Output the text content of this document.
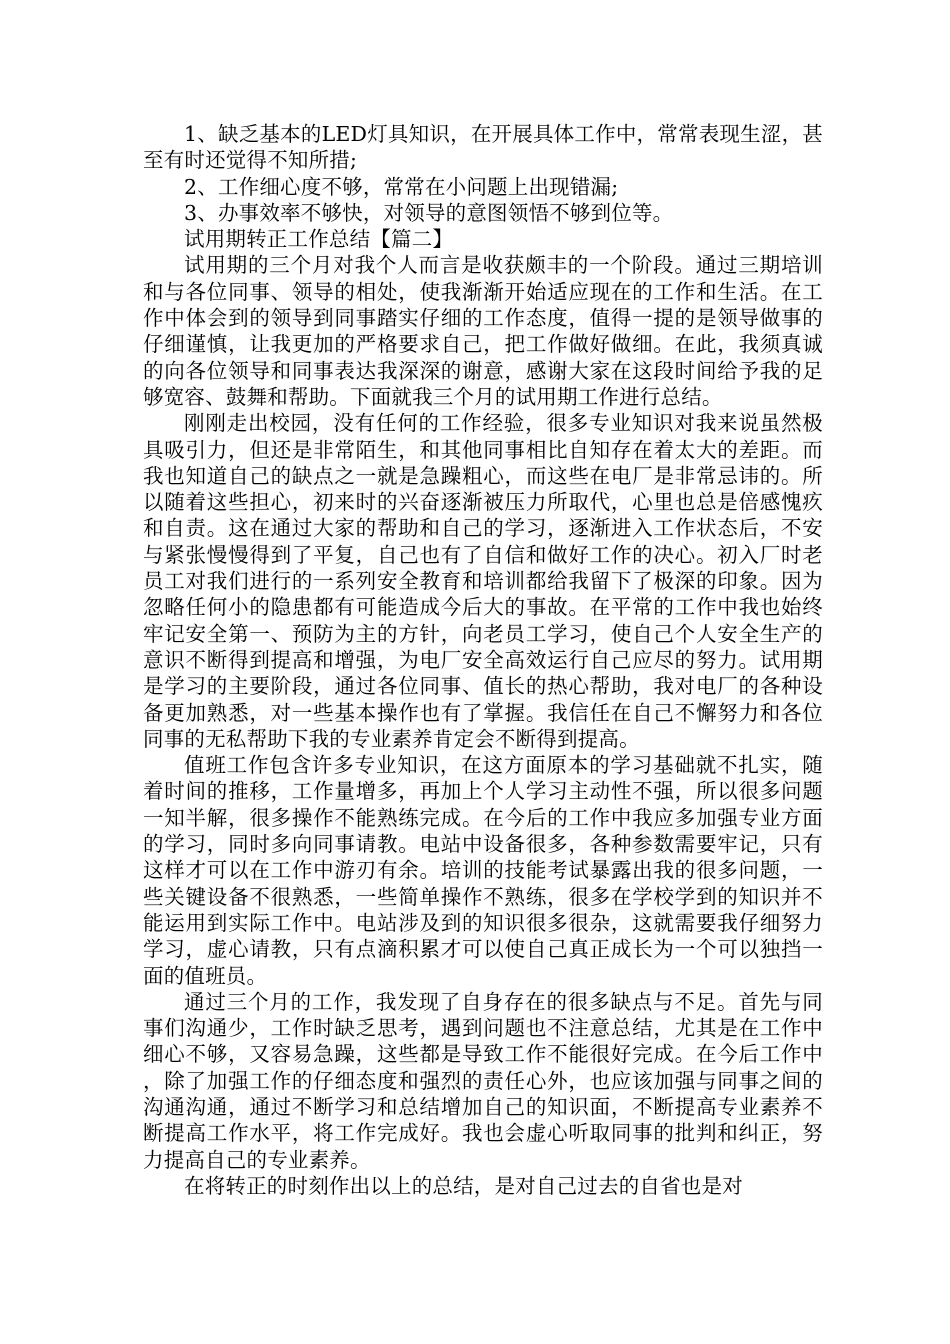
1、缺乏基本的LED灯具知识，在开展具体工作中，常常表现生涩，甚至有时还觉得不知所措;

2、工作细心度不够，常常在小问题上出现错漏;

3、办事效率不够快，对领导的意图领悟不够到位等。

试用期转正工作总结【篇二】

试用期的三个月对我个人而言是收获颇丰的一个阶段。通过三期培训和与各位同事、领导的相处，使我渐渐开始适应现在的工作和生活。在工作中体会到的领导到同事踏实仔细的工作态度，值得一提的是领导做事的仔细谨慎，让我更加的严格要求自己，把工作做好做细。在此，我须真诚的向各位领导和同事表达我深深的谢意，感谢大家在这段时间给予我的足够宽容、鼓舞和帮助。下面就我三个月的试用期工作进行总结。

刚刚走出校园，没有任何的工作经验，很多专业知识对我来说虽然极具吸引力，但还是非常陌生，和其他同事相比自知存在着太大的差距。而我也知道自己的缺点之一就是急躁粗心，而这些在电厂是非常忌讳的。所以随着这些担心，初来时的兴奋逐渐被压力所取代，心里也总是倍感愧疚和自责。这在通过大家的帮助和自己的学习，逐渐进入工作状态后，不安与紧张慢慢得到了平复，自己也有了自信和做好工作的决心。初入厂时老员工对我们进行的一系列安全教育和培训都给我留下了极深的印象。因为忽略任何小的隐患都有可能造成今后大的事故。在平常的工作中我也始终牢记安全第一、预防为主的方针，向老员工学习，使自己个人安全生产的意识不断得到提高和增强，为电厂安全高效运行自己应尽的努力。试用期是学习的主要阶段，通过各位同事、值长的热心帮助，我对电厂的各种设备更加熟悉，对一些基本操作也有了掌握。我信任在自己不懈努力和各位同事的无私帮助下我的专业素养肯定会不断得到提高。

值班工作包含许多专业知识，在这方面原本的学习基础就不扎实，随着时间的推移，工作量增多，再加上个人学习主动性不强，所以很多问题一知半解，很多操作不能熟练完成。在今后的工作中我应多加强专业方面的学习，同时多向同事请教。电站中设备很多，各种参数需要牢记，只有这样才可以在工作中游刃有余。培训的技能考试暴露出我的很多问题，一些关键设备不很熟悉，一些简单操作不熟练，很多在学校学到的知识并不能运用到实际工作中。电站涉及到的知识很多很杂，这就需要我仔细努力学习，虚心请教，只有点滴积累才可以使自己真正成长为一个可以独挡一面的值班员。

通过三个月的工作，我发现了自身存在的很多缺点与不足。首先与同事们沟通少，工作时缺乏思考，遇到问题也不注意总结，尤其是在工作中细心不够，又容易急躁，这些都是导致工作不能很好完成。在今后工作中，除了加强工作的仔细态度和强烈的责任心外，也应该加强与同事之间的沟通沟通，通过不断学习和总结增加自己的知识面，不断提高专业素养不断提高工作水平，将工作完成好。我也会虚心听取同事的批判和纠正，努力提高自己的专业素养。

在将转正的时刻作出以上的总结，是对自己过去的自省也是对
